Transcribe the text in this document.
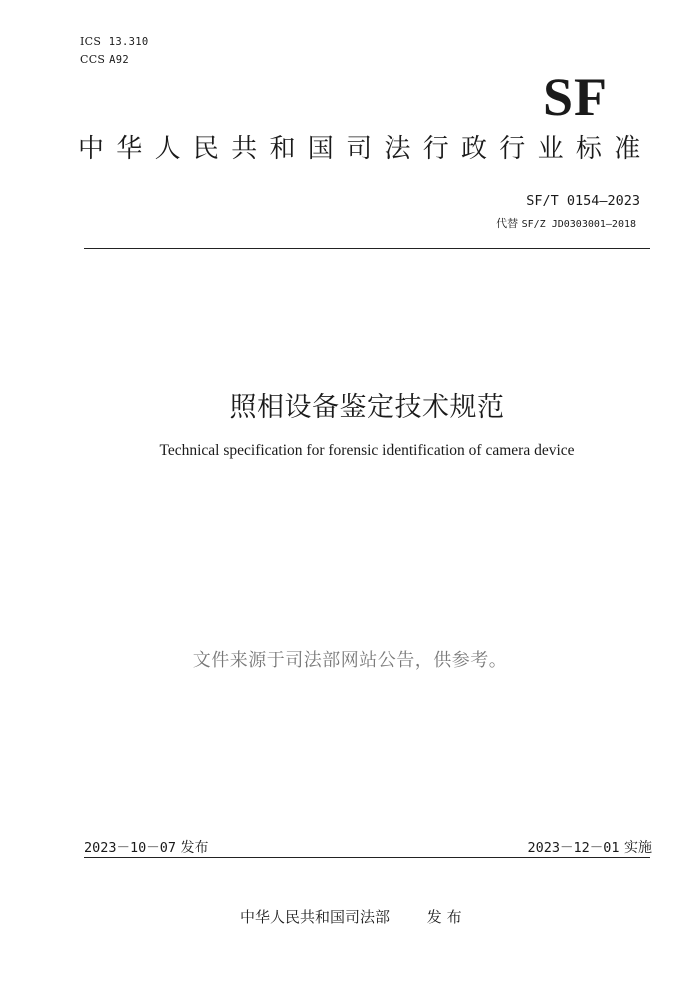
ICS 13.310
CCS A92
SF
中华人民共和国司法行政行业标准
SF/T 0154—2023
代替 SF/Z JD0303001—2018
照相设备鉴定技术规范
Technical specification for forensic identification of camera device
文件来源于司法部网站公告，供参考。
2023－10－07 发布	2023－12－01 实施
中华人民共和国司法部 发 布
